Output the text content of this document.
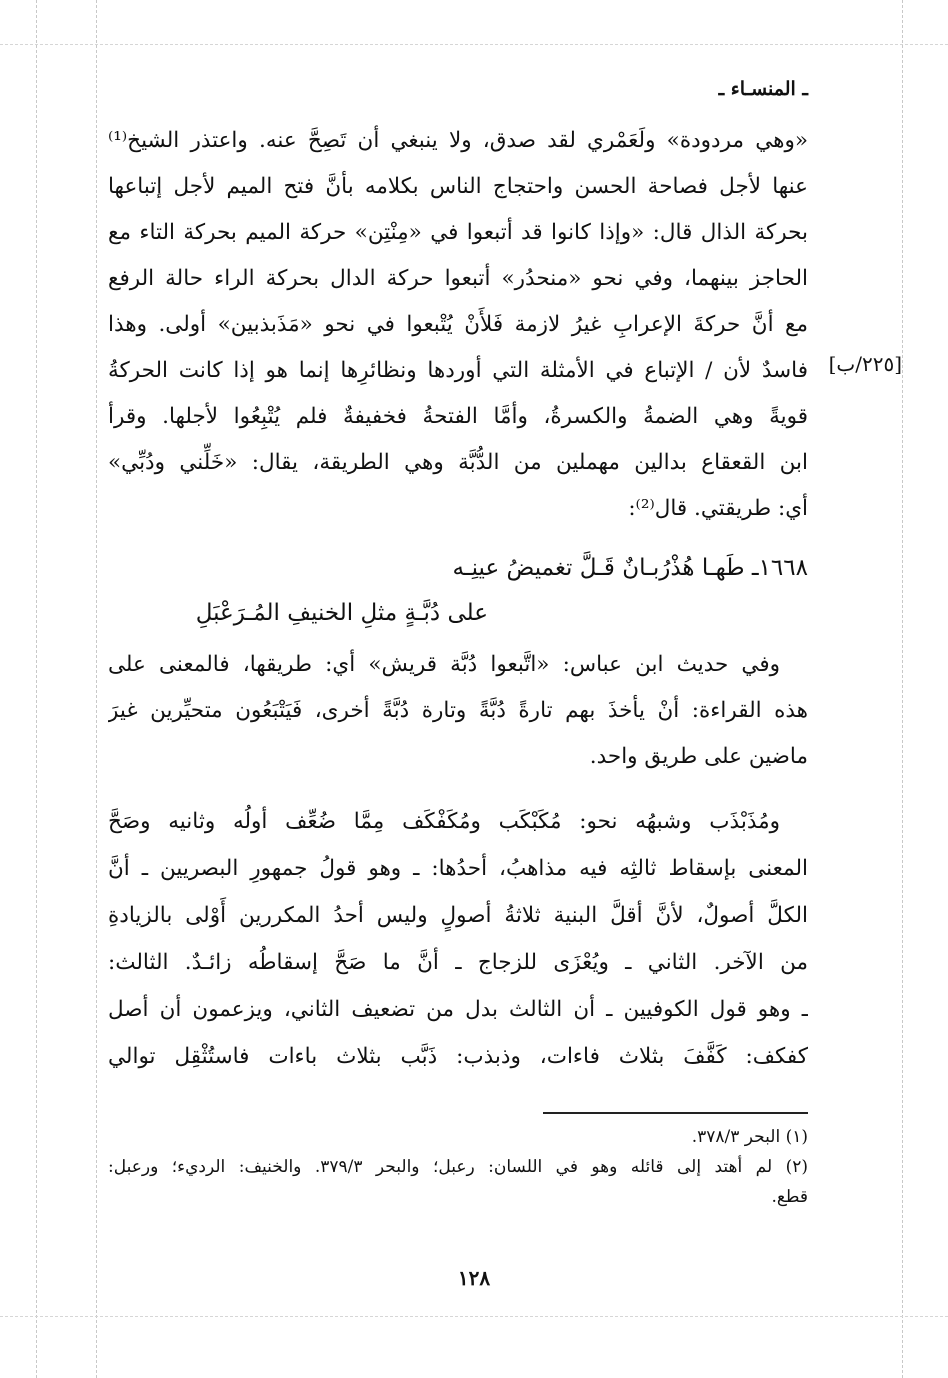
ـ المنسـاء ـ
[٢٢٥/ب]
«وهي مردودة» ولَعَمْري لقد صدق، ولا ينبغي أن تَصِحَّ عنه. واعتذر الشيخ⁽¹⁾
عنها لأجل فصاحة الحسن واحتجاج الناس بكلامه بأنَّ فتح الميم لأجل إتباعها
بحركة الذال قال: «وإذا كانوا قد أتبعوا في «مِنْتِن» حركة الميم بحركة التاء مع
الحاجز بينهما، وفي نحو «منحدُر» أتبعوا حركة الدال بحركة الراء حالة الرفع
مع أنَّ حركةَ الإعرابِ غيرُ لازمة فَلأَنْ يُتْبعوا في نحو «مَذَبذبين» أولى. وهذا
فاسدٌ لأن / الإتباع في الأمثلة التي أوردها ونظائرِها إنما هو إذا كانت الحركةُ
قويةً وهي الضمةُ والكسرةُ، وأمَّا الفتحةُ فخفيفةٌ فلم يُتْبِعُوا لأجلها. وقرأ
ابن القعقاع بدالين مهملين من الدُّبَّة وهي الطريقة، يقال: «خَلِّني ودُبِّي»
أي: طريقتي. قال⁽²⁾:
١٦٦٨ـ طَهـا هُذْرُبـانٌ قَـلَّ تغميضُ عينِـه
على دُبَّـةٍ مثلِ الخنيفِ المُـرَعْبَلِ
وفي حديث ابن عباس: «اتَّبعوا دُبَّة قريش» أي: طريقها، فالمعنى على
هذه القراءة: أنْ يأخذَ بهم تارةً دُبَّةً وتارة دُبَّةً أخرى، فَيَتْبَعُون متحيِّرين غيرَ
ماضين على طريق واحد.
ومُذَبْذَب وشبهُه نحو: مُكَبْكَب ومُكَفْكَف مِمَّا ضُعِّف أولُه وثانيه وصَحَّ
المعنى بإسقاط ثالثِه فيه مذاهبُ، أحدُها: ـ وهو قولُ جمهورِ البصريين ـ أنَّ
الكلَّ أصولٌ، لأنَّ أقلَّ البنية ثلاثةُ أصولٍ وليس أحدُ المكررين أَوْلى بالزيادةِ
من الآخر. الثاني ـ ويُعْزَى للزجاج ـ أنَّ ما صَحَّ إسقاطُه زائـدٌ. الثالث:
ـ وهو قول الكوفيين ـ أن الثالث بدل من تضعيف الثاني، ويزعمون أن أصل
كفكف: كَفَّفَ بثلاث فاءات، وذبذب: ذَبَّب بثلاث باءات فاستُثْقِل توالي
(١) البحر ٣٧٨/٣.
(٢) لم أهتد إلى قائله وهو في اللسان: رعبل؛ والبحر ٣٧٩/٣. والخنيف: الرديء؛ ورعبل:
قطع.
١٢٨
